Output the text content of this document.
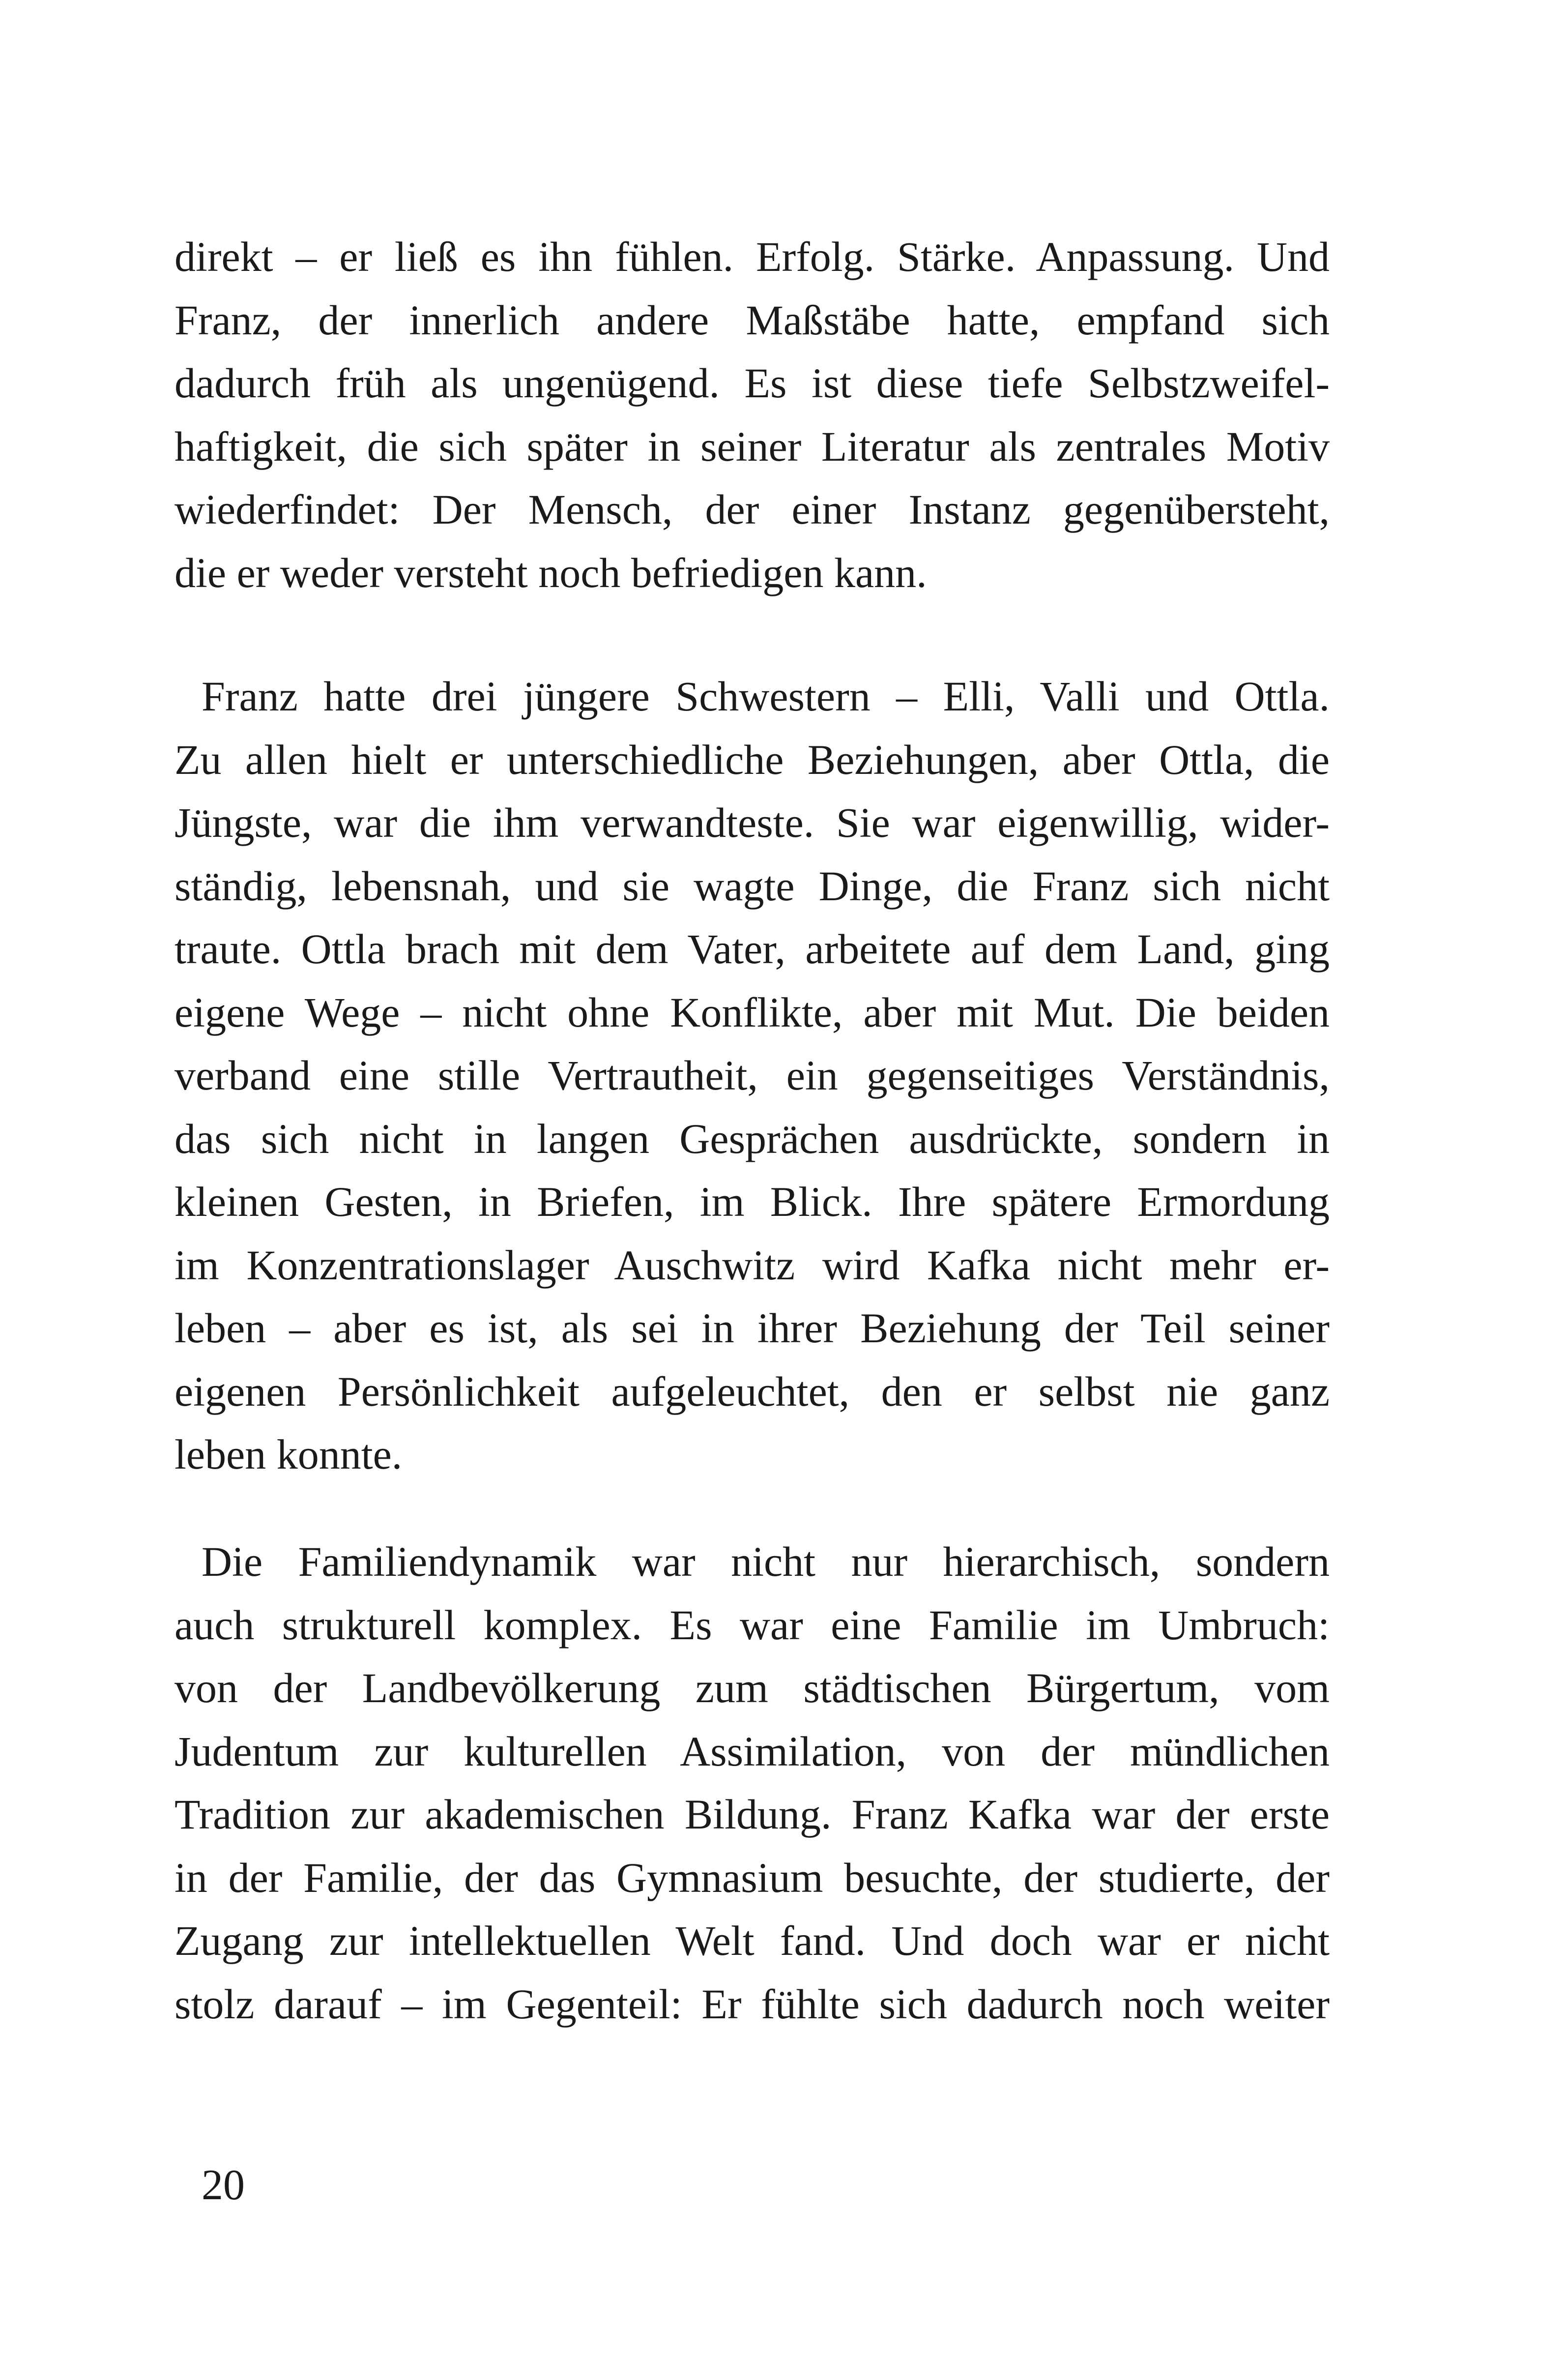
direkt – er ließ es ihn fühlen. Erfolg. Stärke. Anpassung. Und
Franz, der innerlich andere Maßstäbe hatte, empfand sich
dadurch früh als ungenügend. Es ist diese tiefe Selbstzweifel-
haftigkeit, die sich später in seiner Literatur als zentrales Motiv
wiederfindet: Der Mensch, der einer Instanz gegenübersteht,
die er weder versteht noch befriedigen kann.
Franz hatte drei jüngere Schwestern – Elli, Valli und Ottla.
Zu allen hielt er unterschiedliche Beziehungen, aber Ottla, die
Jüngste, war die ihm verwandteste. Sie war eigenwillig, wider-
ständig, lebensnah, und sie wagte Dinge, die Franz sich nicht
traute. Ottla brach mit dem Vater, arbeitete auf dem Land, ging
eigene Wege – nicht ohne Konflikte, aber mit Mut. Die beiden
verband eine stille Vertrautheit, ein gegenseitiges Verständnis,
das sich nicht in langen Gesprächen ausdrückte, sondern in
kleinen Gesten, in Briefen, im Blick. Ihre spätere Ermordung
im Konzentrationslager Auschwitz wird Kafka nicht mehr er-
leben – aber es ist, als sei in ihrer Beziehung der Teil seiner
eigenen Persönlichkeit aufgeleuchtet, den er selbst nie ganz
leben konnte.
Die Familiendynamik war nicht nur hierarchisch, sondern
auch strukturell komplex. Es war eine Familie im Umbruch:
von der Landbevölkerung zum städtischen Bürgertum, vom
Judentum zur kulturellen Assimilation, von der mündlichen
Tradition zur akademischen Bildung. Franz Kafka war der erste
in der Familie, der das Gymnasium besuchte, der studierte, der
Zugang zur intellektuellen Welt fand. Und doch war er nicht
stolz darauf – im Gegenteil: Er fühlte sich dadurch noch weiter

20
